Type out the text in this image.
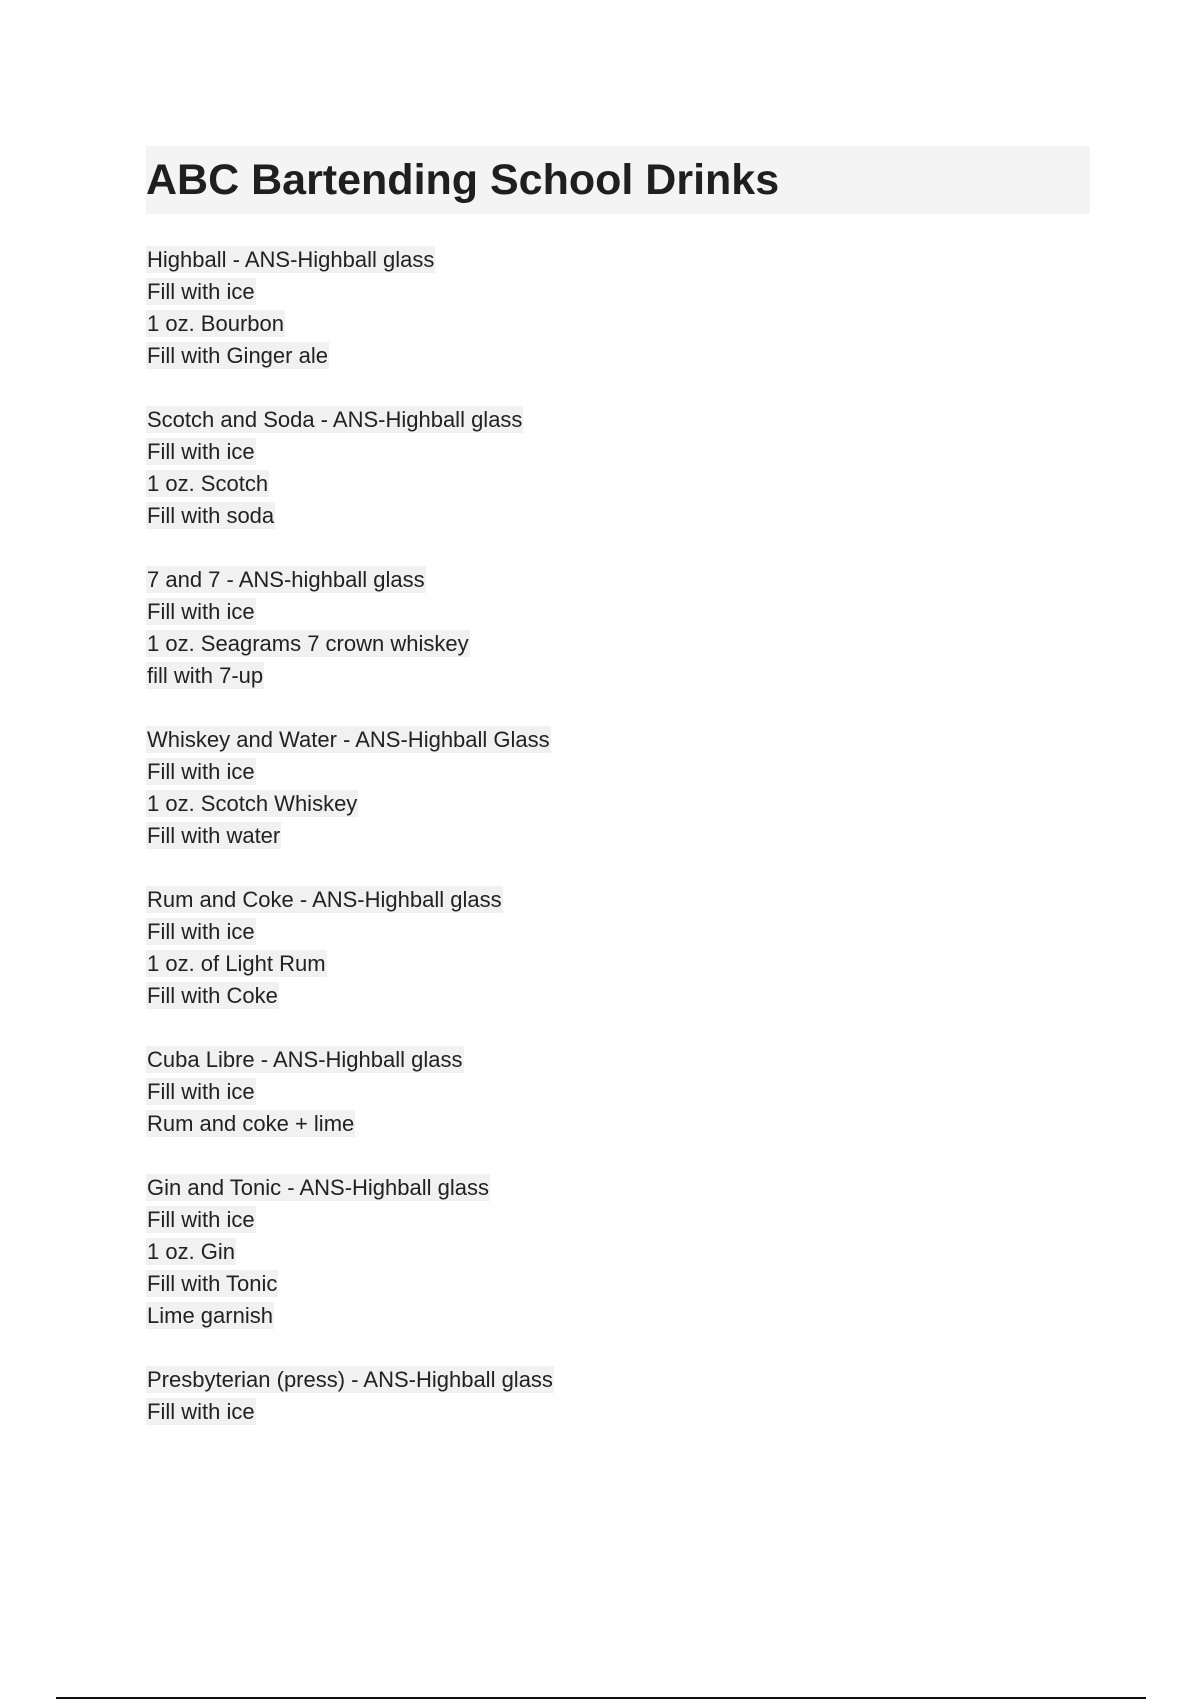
ABC Bartending School Drinks
Highball - ANS-Highball glass
Fill with ice
1 oz. Bourbon
Fill with Ginger ale
Scotch and Soda - ANS-Highball glass
Fill with ice
1 oz. Scotch
Fill with soda
7 and 7 - ANS-highball glass
Fill with ice
1 oz. Seagrams 7 crown whiskey
fill with 7-up
Whiskey and Water - ANS-Highball Glass
Fill with ice
1 oz. Scotch Whiskey
Fill with water
Rum and Coke - ANS-Highball glass
Fill with ice
1 oz. of Light Rum
Fill with Coke
Cuba Libre - ANS-Highball glass
Fill with ice
Rum and coke + lime
Gin and Tonic - ANS-Highball glass
Fill with ice
1 oz. Gin
Fill with Tonic
Lime garnish
Presbyterian (press) - ANS-Highball glass
Fill with ice
